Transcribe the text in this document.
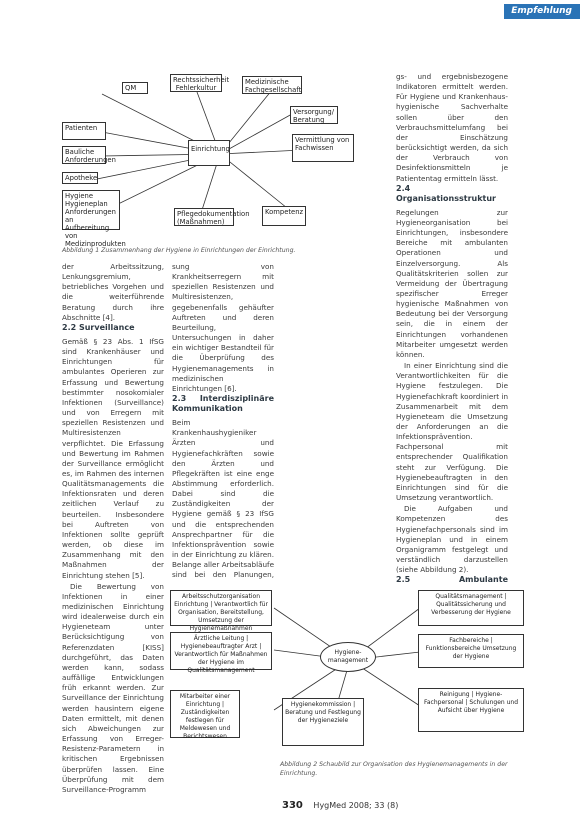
Empfehlung
QM
Rechtssicherheit
Fehlerkultur
Medizinische Fachgesellschaft
Versorgung/ Beratung
Vermittlung von Fachwissen
Patienten
Bauliche Anforderungen
Apotheke
Hygiene Hygieneplan Anforderungen an Aufbereitung von Medizinprodukten
Einrichtung
Pflegedokumentation (Maßnahmen)
Kompetenz
Abbildung 1 Zusammenhang der Hygiene in Einrichtungen der Einrichtung.

der Arbeitssitzung, Lenkungsgremium, betriebliches Vorgehen und die weiterführende Beratung durch ihre Abschnitte [4].

2.2 Surveillance

Gemäß § 23 Abs. 1 IfSG sind Krankenhäuser und Einrichtungen für ambulantes Operieren zur Erfassung und Bewertung bestimmter nosokomialer Infektionen (Surveillance) und von Erregern mit speziellen Resistenzen und Multiresistenzen verpflichtet. Die Erfassung und Bewertung im Rahmen der Surveillance ermöglicht es, im Rahmen des internen Qualitätsmanagements die Infektionsraten und deren zeitlichen Verlauf zu beurteilen. Insbesondere bei Auftreten von Infektionen sollte geprüft werden, ob diese im Zusammenhang mit den Maßnahmen der Einrichtung stehen [5].

Die Bewertung von Infektionen in einer medizinischen Einrichtung wird idealerweise durch ein Hygieneteam unter Berücksichtigung von Referenzdaten [KISS] durchgeführt, das Daten werden kann, sodass auffällige Entwicklungen früh erkannt werden. Zur Surveillance der Einrichtung werden hausintern eigene Daten ermittelt, mit denen sich Abweichungen zur Erfassung von Erreger-Resistenz-Parametern in kritischen Ergebnissen überprüfen lassen. Eine Überprüfung mit dem Surveillance-Programm

sung von Krankheitserregern mit speziellen Resistenzen und Multiresistenzen, gegebenenfalls gehäufter Auftreten und deren Beurteilung, Untersuchungen in daher ein wichtiger Bestandteil für die Überprüfung des Hygienemanagements in medizinischen Einrichtungen [6].

2.3 Interdisziplinäre Kommunikation

Beim Krankenhaushygieniker Ärzten und Hygienefachkräften sowie den Ärzten und Pflegekräften ist eine enge Abstimmung erforderlich. Dabei sind die Zuständigkeiten der Hygiene gemäß § 23 IfSG und die entsprechenden Ansprechpartner für die Infektionsprävention sowie in der Einrichtung zu klären. Belange aller Arbeitsabläufe sind bei den Planungen,

gs- und ergebnisbezogene Indikatoren ermittelt werden. Für Hygiene und Krankenhaus-hygienische Sachverhalte sollen über den Verbrauchsmittelumfang bei der Einschätzung berücksichtigt werden, da sich der Verbrauch von Desinfektionsmitteln je Patiententag ermitteln lässt.

2.4 Organisationsstruktur

Regelungen zur Hygieneorganisation bei Einrichtungen, insbesondere Bereiche mit ambulanten Operationen und Einzelversorgung. Als Qualitätskriterien sollen zur Vermeidung der Übertragung spezifischer Erreger hygienische Maßnahmen von Bedeutung bei der Versorgung sein, die in einem der Einrichtungen vorhandenen Mitarbeiter umgesetzt werden können.

In einer Einrichtung sind die Verantwortlichkeiten für die Hygiene festzulegen. Die Hygienefachkraft koordiniert in Zusammenarbeit mit dem Hygieneteam die Umsetzung der Anforderungen an die Infektionsprävention. Fachpersonal mit entsprechender Qualifikation steht zur Verfügung. Die Hygienebeauftragten in den Einrichtungen sind für die Umsetzung verantwortlich.

Die Aufgaben und Kompetenzen des Hygienefachpersonals sind im Hygieneplan und in einem Organigramm festgelegt und verständlich darzustellen (siehe Abbildung 2).

2.5 Ambulante

Arbeitsschutzorganisation Einrichtung | Verantwortlich für Organisation, Bereitstellung, Umsetzung der Hygienemaßnahmen
Ärztliche Leitung | Hygienebeauftragter Arzt | Verantwortlich für Maßnahmen der Hygiene im Qualitätsmanagement
Mitarbeiter einer Einrichtung | Zuständigkeiten festlegen für Meldewesen und Berichtswesen
Hygiene-management
Hygienekommission | Beratung und Festlegung der Hygieneziele
Qualitätsmanagement | Qualitätssicherung und Verbesserung der Hygiene
Fachbereiche | Funktionsbereiche Umsetzung der Hygiene
Reinigung | Hygiene-Fachpersonal | Schulungen und Aufsicht über Hygiene
Abbildung 2 Schaubild zur Organisation des Hygienemanagements in der Einrichtung.
330 HygMed 2008; 33 (8)
